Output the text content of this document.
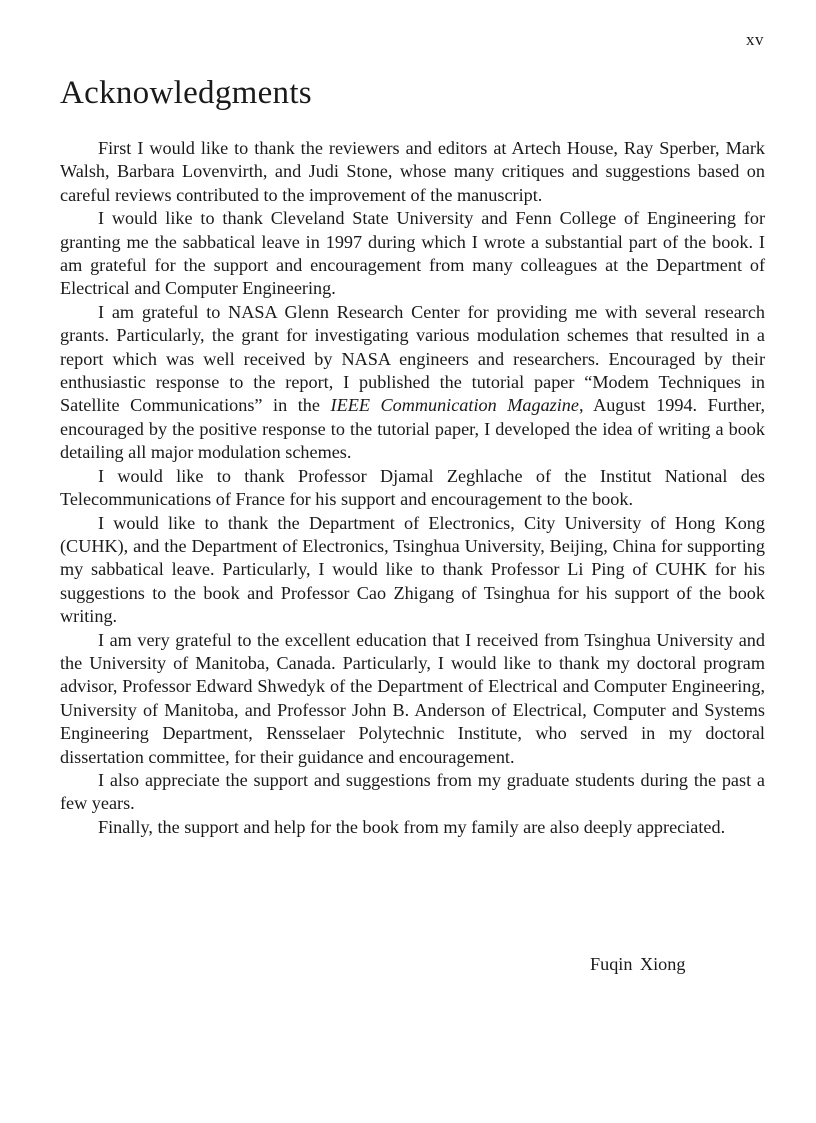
xv
Acknowledgments

First I would like to thank the reviewers and editors at Artech House, Ray Sperber, Mark Walsh, Barbara Lovenvirth, and Judi Stone, whose many critiques and suggestions based on careful reviews contributed to the improvement of the manuscript.

I would like to thank Cleveland State University and Fenn College of Engineering for granting me the sabbatical leave in 1997 during which I wrote a substantial part of the book. I am grateful for the support and encouragement from many colleagues at the Department of Electrical and Computer Engineering.

I am grateful to NASA Glenn Research Center for providing me with several research grants. Particularly, the grant for investigating various modulation schemes that resulted in a report which was well received by NASA engineers and researchers. Encouraged by their enthusiastic response to the report, I published the tutorial paper “Modem Techniques in Satellite Communications” in the IEEE Communication Magazine, August 1994. Further, encouraged by the positive response to the tutorial paper, I developed the idea of writing a book detailing all major modulation schemes.

I would like to thank Professor Djamal Zeghlache of the Institut National des Telecommunications of France for his support and encouragement to the book.

I would like to thank the Department of Electronics, City University of Hong Kong (CUHK), and the Department of Electronics, Tsinghua University, Beijing, China for supporting my sabbatical leave. Particularly, I would like to thank Professor Li Ping of CUHK for his suggestions to the book and Professor Cao Zhigang of Tsinghua for his support of the book writing.

I am very grateful to the excellent education that I received from Tsinghua University and the University of Manitoba, Canada. Particularly, I would like to thank my doctoral program advisor, Professor Edward Shwedyk of the Department of Electrical and Computer Engineering, University of Manitoba, and Professor John B. Anderson of Electrical, Computer and Systems Engineering Department, Rensselaer Polytechnic Institute, who served in my doctoral dissertation committee, for their guidance and encouragement.

I also appreciate the support and suggestions from my graduate students during the past a few years.

Finally, the support and help for the book from my family are also deeply appreciated.

Fuqin Xiong
